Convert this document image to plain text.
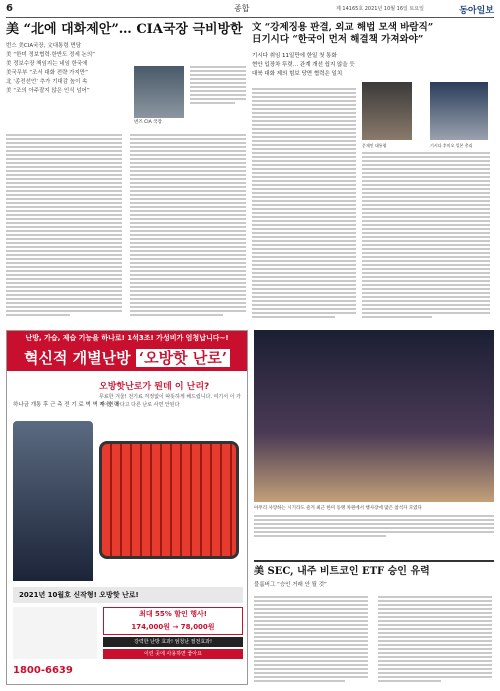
6	종합	제 14165호 2021년 10월 16일 토요일	동아일보
美 “北에 대화제안”… CIA국장 극비방한
번스 美CIA국장, 文대통령 면담
美 “한미 정보협력·한반도 정세 논의”
美 정보수장 책임지는 네임 한국에
美국무부 “조서 대화 전략 가지만”
北 ‘종전선언’ 추가 기대감 높이 속
美 “조의 아주잘지 않은 인식 넘어”
번즈 CIA 국장
文 “강제징용 판결, 외교 해법 모색 바람직”
日기시다 “한국이 먼저 해결책 가져와야”
기시다 취임 11일만에 한일 첫 통화
현안 입장차 뚜렷… 관계 개선 쉽지 않을 듯
대북 대화 제의 힘보 당면 협력은 일치
문재인 대통령	기시다 후미오 일본 총리
난방, 가습, 제습 기능을 하나로! 1석3조! 가성비가 엄청납니다~!
혁신적 개별난방 ‘오방핫 난로’
오방핫난로가 뭔데 이 난리?
무료한 겨울! 전기료 걱정없이 따뜻하게 해드립니다. 여기서 이 가격이면 싸다고 다른 난로 사면 안된다
하나금 개통 후 근 측 전 기 료 벽 벽 저 장 력
2021년 10월호 신작형! 오방핫 난로!
최대 55% 할인 행사!
174,000원 → 78,000원
강력한 난방 효과! 엄청난 절전효과!
이런 곳에 사용하면 좋아요
1800-6639
아무리 사랑하는 시기라도 즐겨 최근 한미 동맹 차원에서 행사장에 많은 참석자 모였다
美 SEC, 내주 비트코인 ETF 승인 유력
블룸버그 “승인 거래 안 될 것”
